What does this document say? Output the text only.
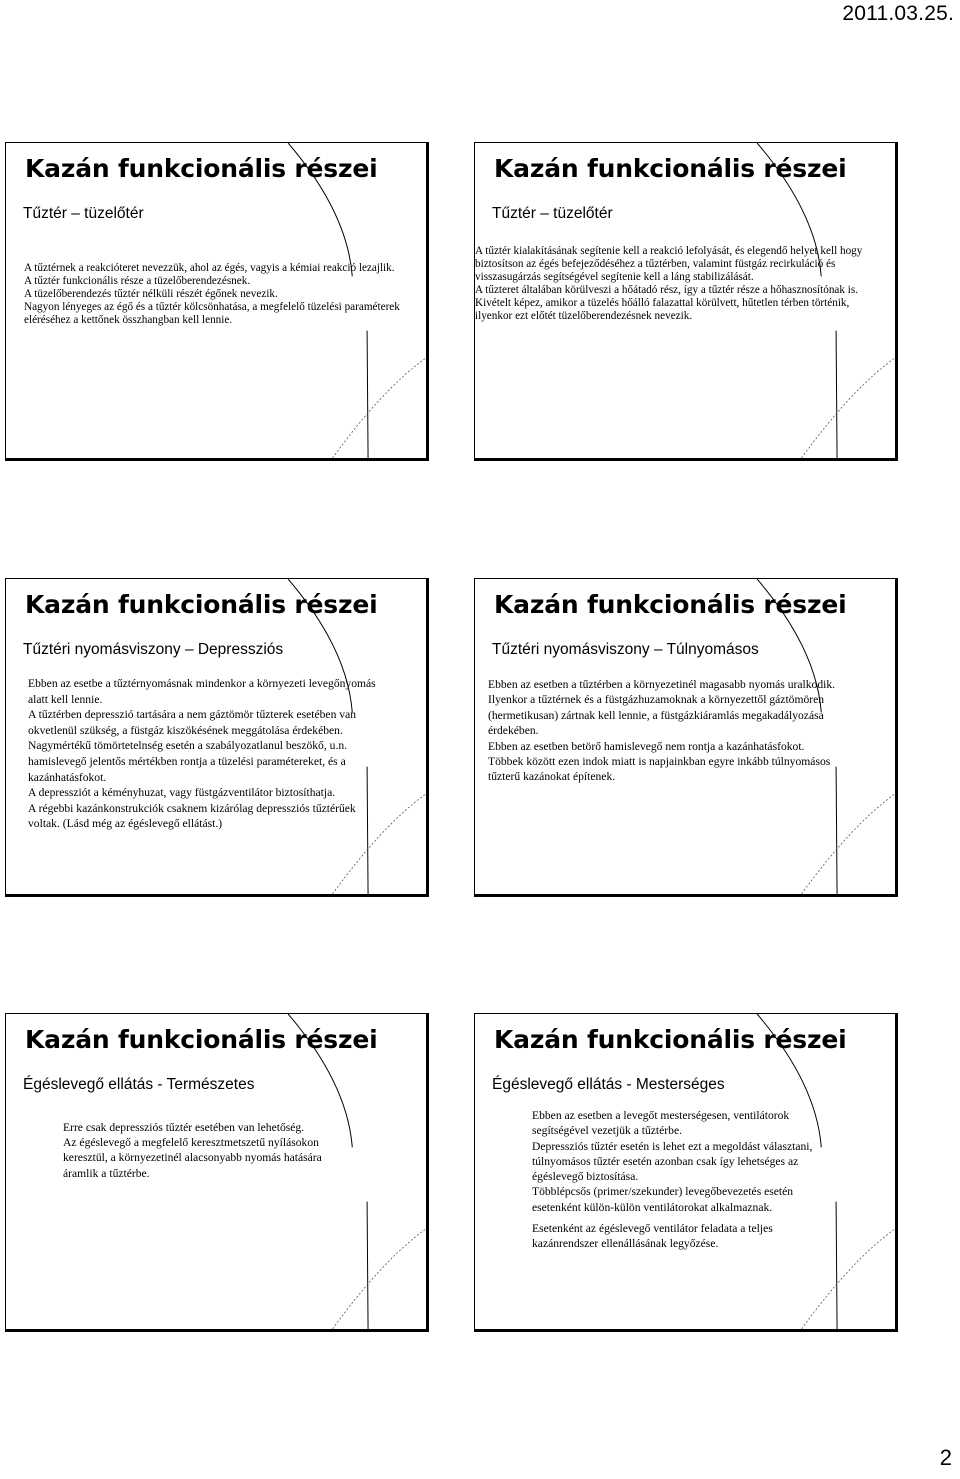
2011.03.25.
Kazán funkcionális részei
Tűztér – tüzelőtér
A tűztérnek a reakcióteret nevezzük, ahol az égés, vagyis a kémiai reakció lezajlik.
A tűztér funkcionális része a tüzelőberendezésnek.
A tüzelőberendezés tűztér nélküli részét égőnek nevezik.
Nagyon lényeges az égő és a tűztér kölcsönhatása, a megfelelő tüzelési paraméterek
eléréséhez a kettőnek összhangban kell lennie.
Kazán funkcionális részei
Tűztér – tüzelőtér
A tűztér kialakításának segítenie kell a reakció lefolyását, és elegendő helyet kell hogy
biztosítson az égés befejeződéséhez a tűztérben, valamint füstgáz recirkuláció és
visszasugárzás segítségével segítenie kell a láng stabilizálását.
A tűzteret általában körülveszi a hőátadó rész, így a tűztér része a hőhasznosítónak is.
Kivételt képez, amikor a tüzelés hőálló falazattal körülvett, hűtetlen térben történik,
ilyenkor ezt előtét tüzelőberendezésnek nevezik.
Kazán funkcionális részei
Tűztéri nyomásviszony – Depressziós
Ebben az esetbe a tűztérnyomásnak mindenkor a környezeti levegőnyomás
alatt kell lennie.
A tűztérben depresszió tartására a nem gáztömör tűzterek esetében van
okvetlenül szükség, a füstgáz kiszökésének meggátolása érdekében.
Nagymértékű tömörtetelnség esetén a szabályozatlanul beszökő, u.n.
hamislevegő jelentős mértékben rontja a tüzelési paramétereket, és a
kazánhatásfokot.
A depressziót a kéményhuzat, vagy füstgázventilátor biztosíthatja.
A régebbi kazánkonstrukciók csaknem kizárólag depressziós tűztérűek
voltak. (Lásd még az égéslevegő ellátást.)
Kazán funkcionális részei
Tűztéri nyomásviszony – Túlnyomásos
Ebben az esetben a tűztérben a környezetinél magasabb nyomás uralkodik.
Ilyenkor a tűztérnek és a füstgázhuzamoknak a környezettől gáztömören
(hermetikusan) zártnak kell lennie, a füstgázkiáramlás megakadályozása
érdekében.
Ebben az esetben betörő hamislevegő nem rontja a kazánhatásfokot.
Többek között ezen indok miatt is napjainkban egyre inkább túlnyomásos
tűzterű kazánokat építenek.
Kazán funkcionális részei
Égéslevegő ellátás - Természetes
Erre csak depressziós tűztér esetében van lehetőség.
Az égéslevegő a megfelelő keresztmetszetű nyílásokon
keresztül, a környezetinél alacsonyabb nyomás hatására
áramlik a tűztérbe.
Kazán funkcionális részei
Égéslevegő ellátás - Mesterséges
Ebben az esetben a levegőt mesterségesen, ventilátorok
segítségével vezetjük a tűztérbe.
Depressziós tűztér esetén is lehet ezt a megoldást választani,
túlnyomásos tűztér esetén azonban csak így lehetséges az
égéslevegő biztosítása.
Többlépcsős (primer/szekunder) levegőbevezetés esetén
esetenként külön-külön ventilátorokat alkalmaznak.
Esetenként az égéslevegő ventilátor feladata a teljes
kazánrendszer ellenállásának legyőzése.
2
